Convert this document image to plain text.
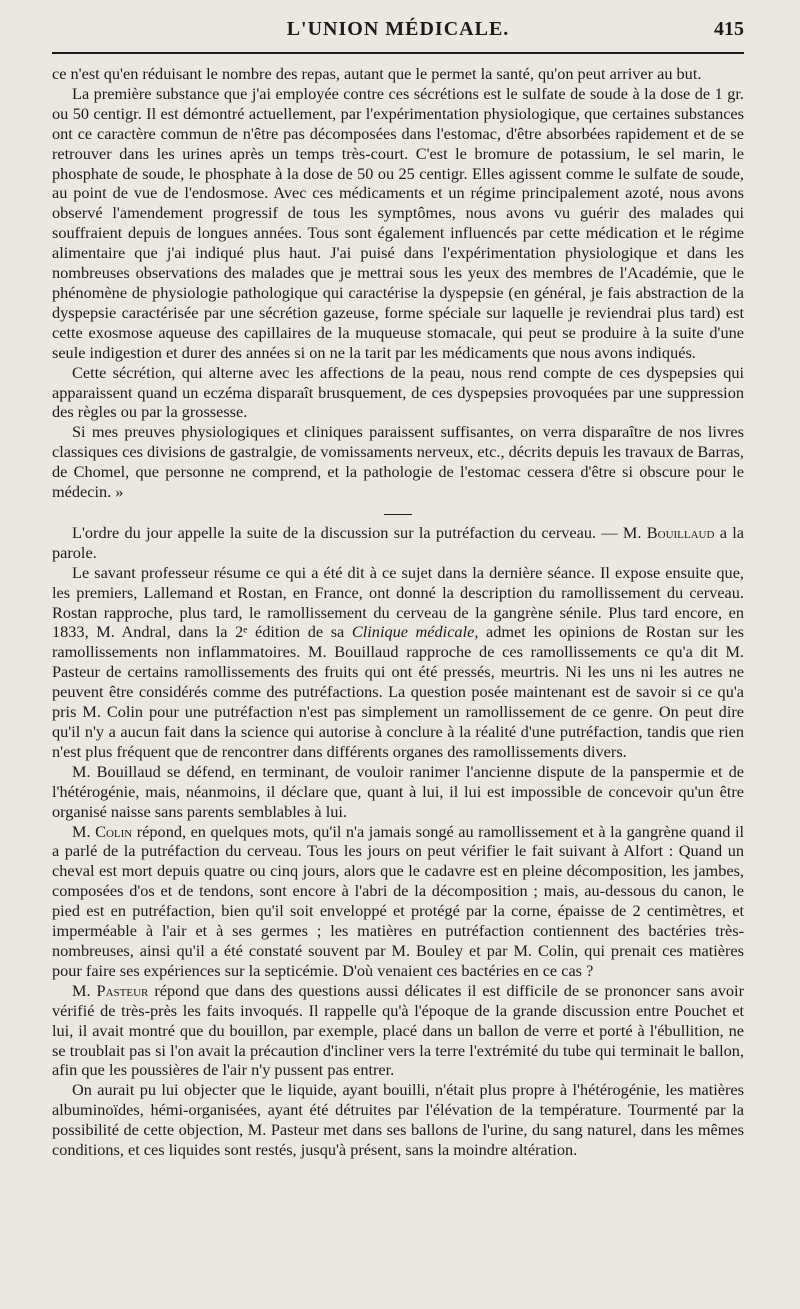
L'UNION MÉDICALE.	415

ce n'est qu'en réduisant le nombre des repas, autant que le permet la santé, qu'on peut arriver au but.

La première substance que j'ai employée contre ces sécrétions est le sulfate de soude à la dose de 1 gr. ou 50 centigr. Il est démontré actuellement, par l'expérimentation physiologique, que certaines substances ont ce caractère commun de n'être pas décomposées dans l'estomac, d'être absorbées rapidement et de se retrouver dans les urines après un temps très-court. C'est le bromure de potassium, le sel marin, le phosphate de soude, le phosphate à la dose de 50 ou 25 centigr. Elles agissent comme le sulfate de soude, au point de vue de l'endosmose. Avec ces médicaments et un régime principalement azoté, nous avons observé l'amendement progressif de tous les symptômes, nous avons vu guérir des malades qui souffraient depuis de longues années. Tous sont également influencés par cette médication et le régime alimentaire que j'ai indiqué plus haut. J'ai puisé dans l'expérimentation physiologique et dans les nombreuses observations des malades que je mettrai sous les yeux des membres de l'Académie, que le phénomène de physiologie pathologique qui caractérise la dyspepsie (en général, je fais abstraction de la dyspepsie caractérisée par une sécrétion gazeuse, forme spéciale sur laquelle je reviendrai plus tard) est cette exosmose aqueuse des capillaires de la muqueuse stomacale, qui peut se produire à la suite d'une seule indigestion et durer des années si on ne la tarit par les médicaments que nous avons indiqués.

Cette sécrétion, qui alterne avec les affections de la peau, nous rend compte de ces dyspepsies qui apparaissent quand un eczéma disparaît brusquement, de ces dyspepsies provoquées par une suppression des règles ou par la grossesse.

Si mes preuves physiologiques et cliniques paraissent suffisantes, on verra disparaître de nos livres classiques ces divisions de gastralgie, de vomissaments nerveux, etc., décrits depuis les travaux de Barras, de Chomel, que personne ne comprend, et la pathologie de l'estomac cessera d'être si obscure pour le médecin. »

L'ordre du jour appelle la suite de la discussion sur la putréfaction du cerveau. — M. Bouillaud a la parole.

Le savant professeur résume ce qui a été dit à ce sujet dans la dernière séance. Il expose ensuite que, les premiers, Lallemand et Rostan, en France, ont donné la description du ramollissement du cerveau. Rostan rapproche, plus tard, le ramollissement du cerveau de la gangrène sénile. Plus tard encore, en 1833, M. Andral, dans la 2ᵉ édition de sa Clinique médicale, admet les opinions de Rostan sur les ramollissements non inflammatoires. M. Bouillaud rapproche de ces ramollissements ce qu'a dit M. Pasteur de certains ramollissements des fruits qui ont été pressés, meurtris. Ni les uns ni les autres ne peuvent être considérés comme des putréfactions. La question posée maintenant est de savoir si ce qu'a pris M. Colin pour une putréfaction n'est pas simplement un ramollissement de ce genre. On peut dire qu'il n'y a aucun fait dans la science qui autorise à conclure à la réalité d'une putréfaction, tandis que rien n'est plus fréquent que de rencontrer dans différents organes des ramollissements divers.

M. Bouillaud se défend, en terminant, de vouloir ranimer l'ancienne dispute de la panspermie et de l'hétérogénie, mais, néanmoins, il déclare que, quant à lui, il lui est impossible de concevoir qu'un être organisé naisse sans parents semblables à lui.

M. Colin répond, en quelques mots, qu'il n'a jamais songé au ramollissement et à la gangrène quand il a parlé de la putréfaction du cerveau. Tous les jours on peut vérifier le fait suivant à Alfort : Quand un cheval est mort depuis quatre ou cinq jours, alors que le cadavre est en pleine décomposition, les jambes, composées d'os et de tendons, sont encore à l'abri de la décomposition ; mais, au-dessous du canon, le pied est en putréfaction, bien qu'il soit enveloppé et protégé par la corne, épaisse de 2 centimètres, et imperméable à l'air et à ses germes ; les matières en putréfaction contiennent des bactéries très-nombreuses, ainsi qu'il a été constaté souvent par M. Bouley et par M. Colin, qui prenait ces matières pour faire ses expériences sur la septicémie. D'où venaient ces bactéries en ce cas ?

M. Pasteur répond que dans des questions aussi délicates il est difficile de se prononcer sans avoir vérifié de très-près les faits invoqués. Il rappelle qu'à l'époque de la grande discussion entre Pouchet et lui, il avait montré que du bouillon, par exemple, placé dans un ballon de verre et porté à l'ébullition, ne se troublait pas si l'on avait la précaution d'incliner vers la terre l'extrémité du tube qui terminait le ballon, afin que les poussières de l'air n'y pussent pas entrer.

On aurait pu lui objecter que le liquide, ayant bouilli, n'était plus propre à l'hétérogénie, les matières albuminoïdes, hémi-organisées, ayant été détruites par l'élévation de la température. Tourmenté par la possibilité de cette objection, M. Pasteur met dans ses ballons de l'urine, du sang naturel, dans les mêmes conditions, et ces liquides sont restés, jusqu'à présent, sans la moindre altération.
